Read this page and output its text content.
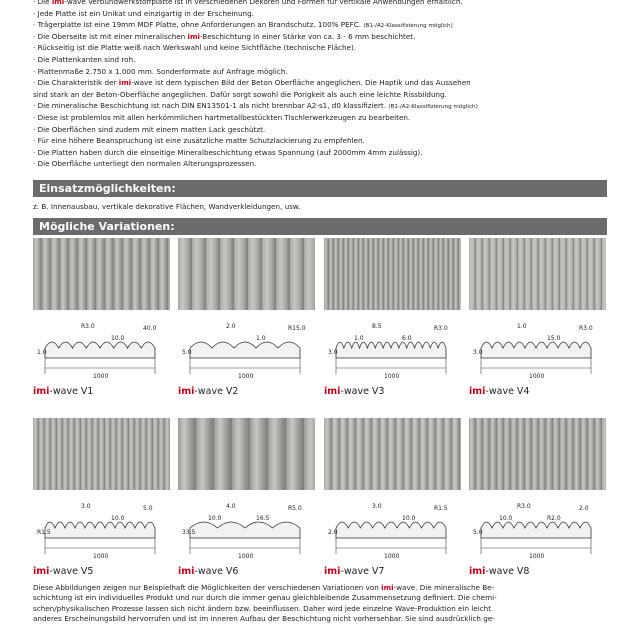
· Die imi-wave Verbundwerkstoffplatte ist in verschiedenen Dekoren und Formen für vertikale Anwendungen erhältlich.
· Jede Platte ist ein Unikat und einzigartig in der Erscheinung.
· Trägerplatte ist eine 19mm MDF Platte, ohne Anforderungen an Brandschutz. 100% PEFC. (B1-/A2-Klassifizierung möglich)
· Die Oberseite ist mit einer mineralischen imi-Beschichtung in einer Stärke von ca. 3 - 6 mm beschichtet.
· Rückseitig ist die Platte weiß nach Werkswahl und keine Sichtfläche (technische Fläche).
· Die Plattenkanten sind roh.
· Plattenmaße 2.750 x 1.000 mm. Sonderformate auf Anfrage möglich.
· Die Charakteristik der imi-wave ist dem typischen Bild der Beton Oberfläche angeglichen. Die Haptik und das Aussehen
sind stark an der Beton-Oberfläche angeglichen. Dafür sorgt sowohl die Porigkeit als auch eine leichte Rissbildung.
· Die mineralische Beschichtung ist nach DIN EN13501-1 als nicht brennbar A2-s1, d0 klassifiziert. (B1-/A2-Klassifizierung möglich)
· Diese ist problemlos mit allen herkömmlichen hartmetallbestückten Tischlerwerkzeugen zu bearbeiten.
· Die Oberflächen sind zudem mit einem matten Lack geschützt.
· Für eine höhere Beanspruchung ist eine zusätzliche matte Schutzlackierung zu empfehlen.
· Die Platten haben durch die einseitige Mineralbeschichtung etwas Spannung (auf 2000mm 4mm zulässig).
· Die Oberfläche unterliegt den normalen Alterungsprozessen.
Einsatzmöglichkeiten:
z. B. Innenausbau, vertikale dekorative Flächen, Wandverkleidungen, usw.
Mögliche Variationen:
1.0
40.0
R3.0
10.0
1000
imi-wave V1
5.0
R15.0
2.0
1.0
1000
imi-wave V2
3.0
R3.0
8.5
6.0
1.0
1000
imi-wave V3
3.0
R3.0
1.0
15.0
1000
imi-wave V4
R1.5
5.0
3.0
10.0
1000
imi-wave V5
33.5
R5.0
4.0
16.5
10.0
1000
imi-wave V6
2.0
R1.5
3.0
10.0
1000
imi-wave V7
5.0
2.0
R3.0
R2.0
10.0
1000
imi-wave V8
Diese Abbildungen zeigen nur Beispielhaft die Möglichkeiten der verschiedenen Variationen von imi-wave. Die mineralische Be-
schichtung ist ein individuelles Produkt und nur durch die immer genau gleichbleibende Zusammensetzung definiert. Die chemi-
schen/physikalischen Prozesse lassen sich nicht ändern bzw. beeinflussen. Daher wird jede einzelne Wave-Produktion ein leicht
anderes Erscheinungsbild hervorrufen und ist im inneren Aufbau der Beschichtung nicht vorhersehbar. Sie sind ausdrücklich ge-
